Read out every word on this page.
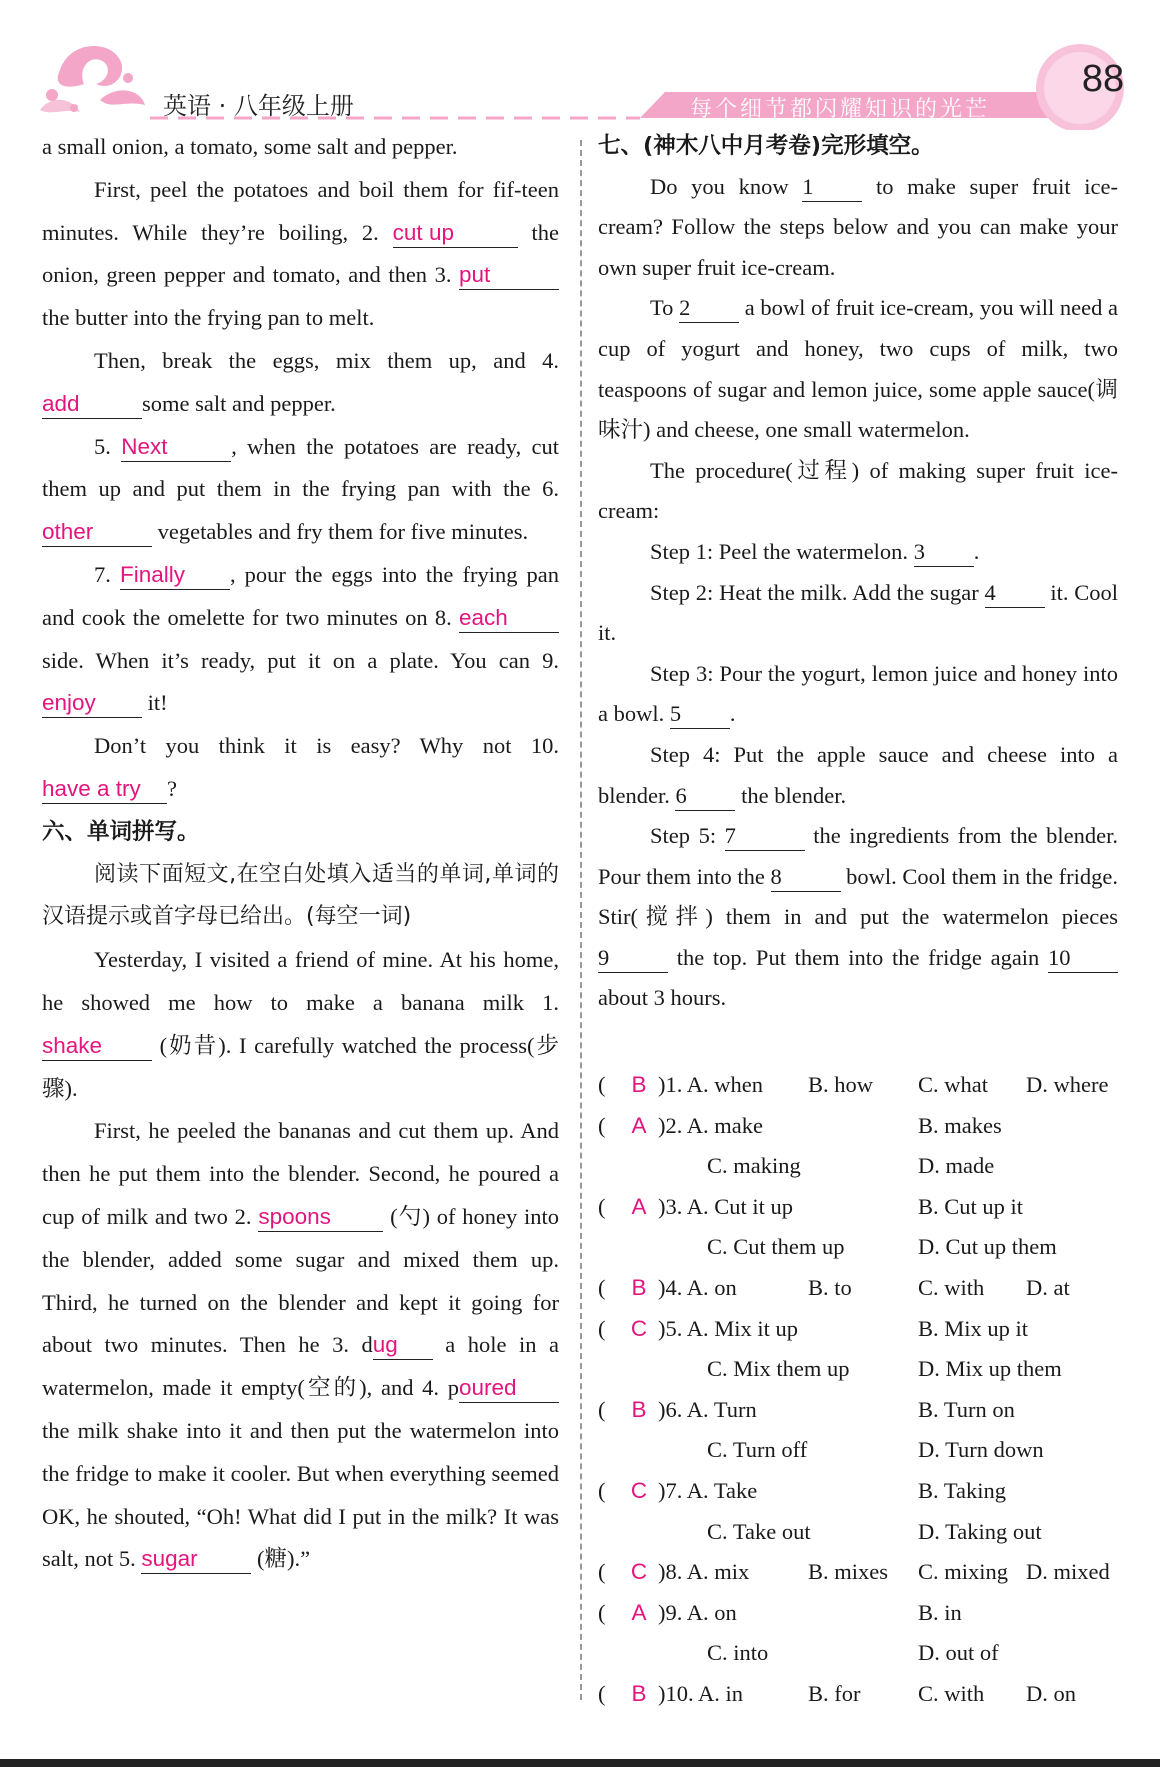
英语 · 八年级上册	每个细节都闪耀知识的光芒
88

a small onion, a tomato, some salt and pepper.

First, peel the potatoes and boil them for fif-teen minutes. While they’re boiling, 2. cut up	the onion, green pepper and tomato, and then 3. put the butter into the frying pan to melt.

Then, break the eggs, mix them up, and 4. add	some salt and pepper.

5. Next	, when the potatoes are ready, cut them up and put them in the frying pan with the 6. other	vegetables and fry them for five minutes.

7. Finally , pour the eggs into the frying pan and cook the omelette for two minutes on 8. each side. When it’s ready, put it on a plate. You can 9. enjoy it!

Don’t you think it is easy? Why not 10. have a try ?

六、单词拼写。

阅读下面短文,在空白处填入适当的单词,单词的汉语提示或首字母已给出。(每空一词)

Yesterday, I visited a friend of mine. At his home, he showed me how to make a banana milk 1. shake	(奶昔). I carefully watched the process(步骤).

First, he peeled the bananas and cut them up. And then he put them into the blender. Second, he poured a cup of milk and two 2. spoons	(勺) of honey into the blender, added some sugar and mixed them up. Third, he turned on the blender and kept it going for about two minutes. Then he 3. dug a hole in a watermelon, made it empty(空的), and 4. poured the milk shake into it and then put the watermelon into the fridge to make it cooler. But when everything seemed OK, he shouted, “Oh! What did I put in the milk? It was salt, not 5. sugar	(糖).”

七、(神木八中月考卷)完形填空。

Do you know 1	to make super fruit ice-cream? Follow the steps below and you can make your own super fruit ice-cream.

To 2 a bowl of fruit ice-cream, you will need a cup of yogurt and honey, two cups of milk, two teaspoons of sugar and lemon juice, some apple sauce(调味汁) and cheese, one small watermelon.

The procedure(过程) of making super fruit ice-cream:

Step 1: Peel the watermelon. 3 .

Step 2: Heat the milk. Add the sugar 4 it. Cool it.

Step 3: Pour the yogurt, lemon juice and honey into a bowl. 5 .

Step 4: Put the apple sauce and cheese into a blender. 6 the blender.

Step 5: 7	the ingredients from the blender. Pour them into the 8	bowl. Cool them in the fridge. Stir(搅拌) them in and put the watermelon pieces 9	the top. Put them into the fridge again 10 about 3 hours.

( B )1. A. when B. how C. what D. where
( A )2. A. make	B. makes
C. making	D. made
( A )3. A. Cut it up	B. Cut up it
C. Cut them up	D. Cut up them
( B )4. A. on	B. to	C. with D. at
( C )5. A. Mix it up	B. Mix up it
C. Mix them up	D. Mix up them
( B )6. A. Turn	B. Turn on
C. Turn off	D. Turn down
( C )7. A. Take	B. Taking
C. Take out	D. Taking out
( C )8. A. mix	B. mixes C. mixing D. mixed
( A )9. A. on	B. in
C. into	D. out of
( B )10. A. in	B. for	C. with D. on
